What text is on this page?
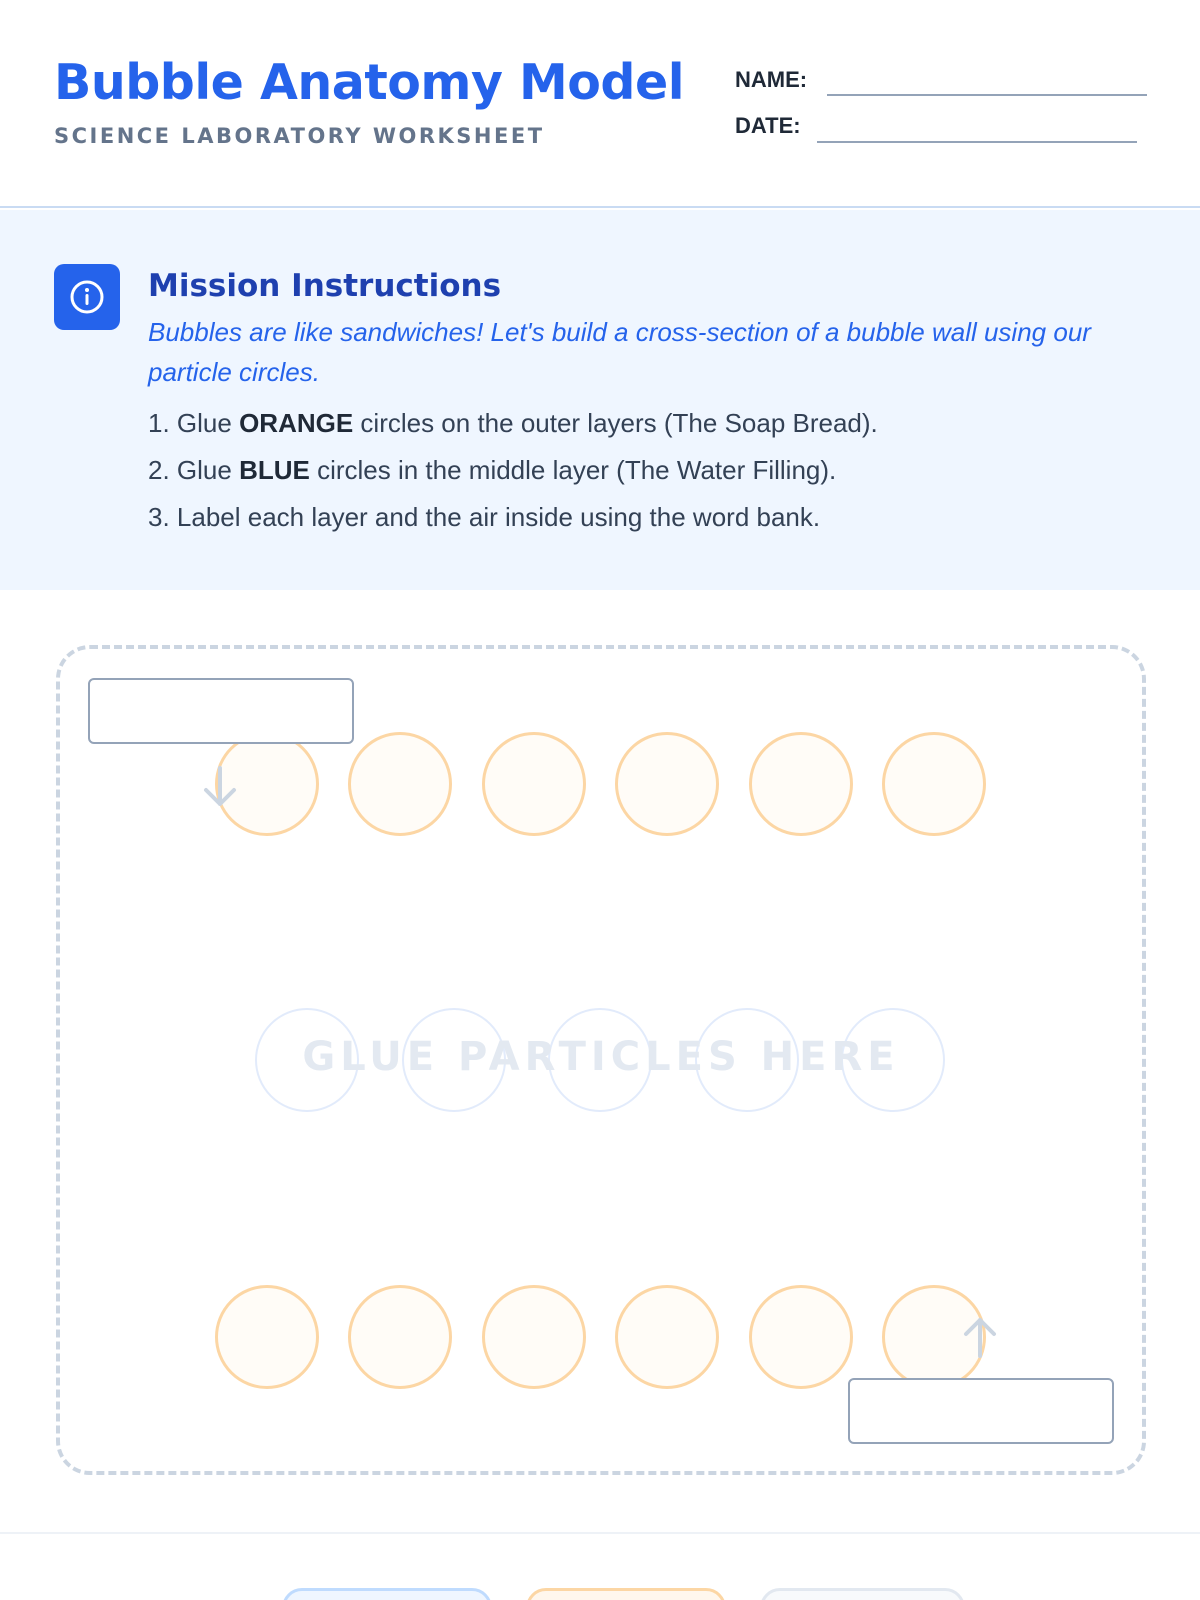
Bubble Anatomy Model
SCIENCE LABORATORY WORKSHEET
NAME:
DATE:
Mission Instructions
Bubbles are like sandwiches! Let's build a cross-section of a bubble wall using our particle circles.
1. Glue ORANGE circles on the outer layers (The Soap Bread).
2. Glue BLUE circles in the middle layer (The Water Filling).
3. Label each layer and the air inside using the word bank.
GLUE PARTICLES HERE
